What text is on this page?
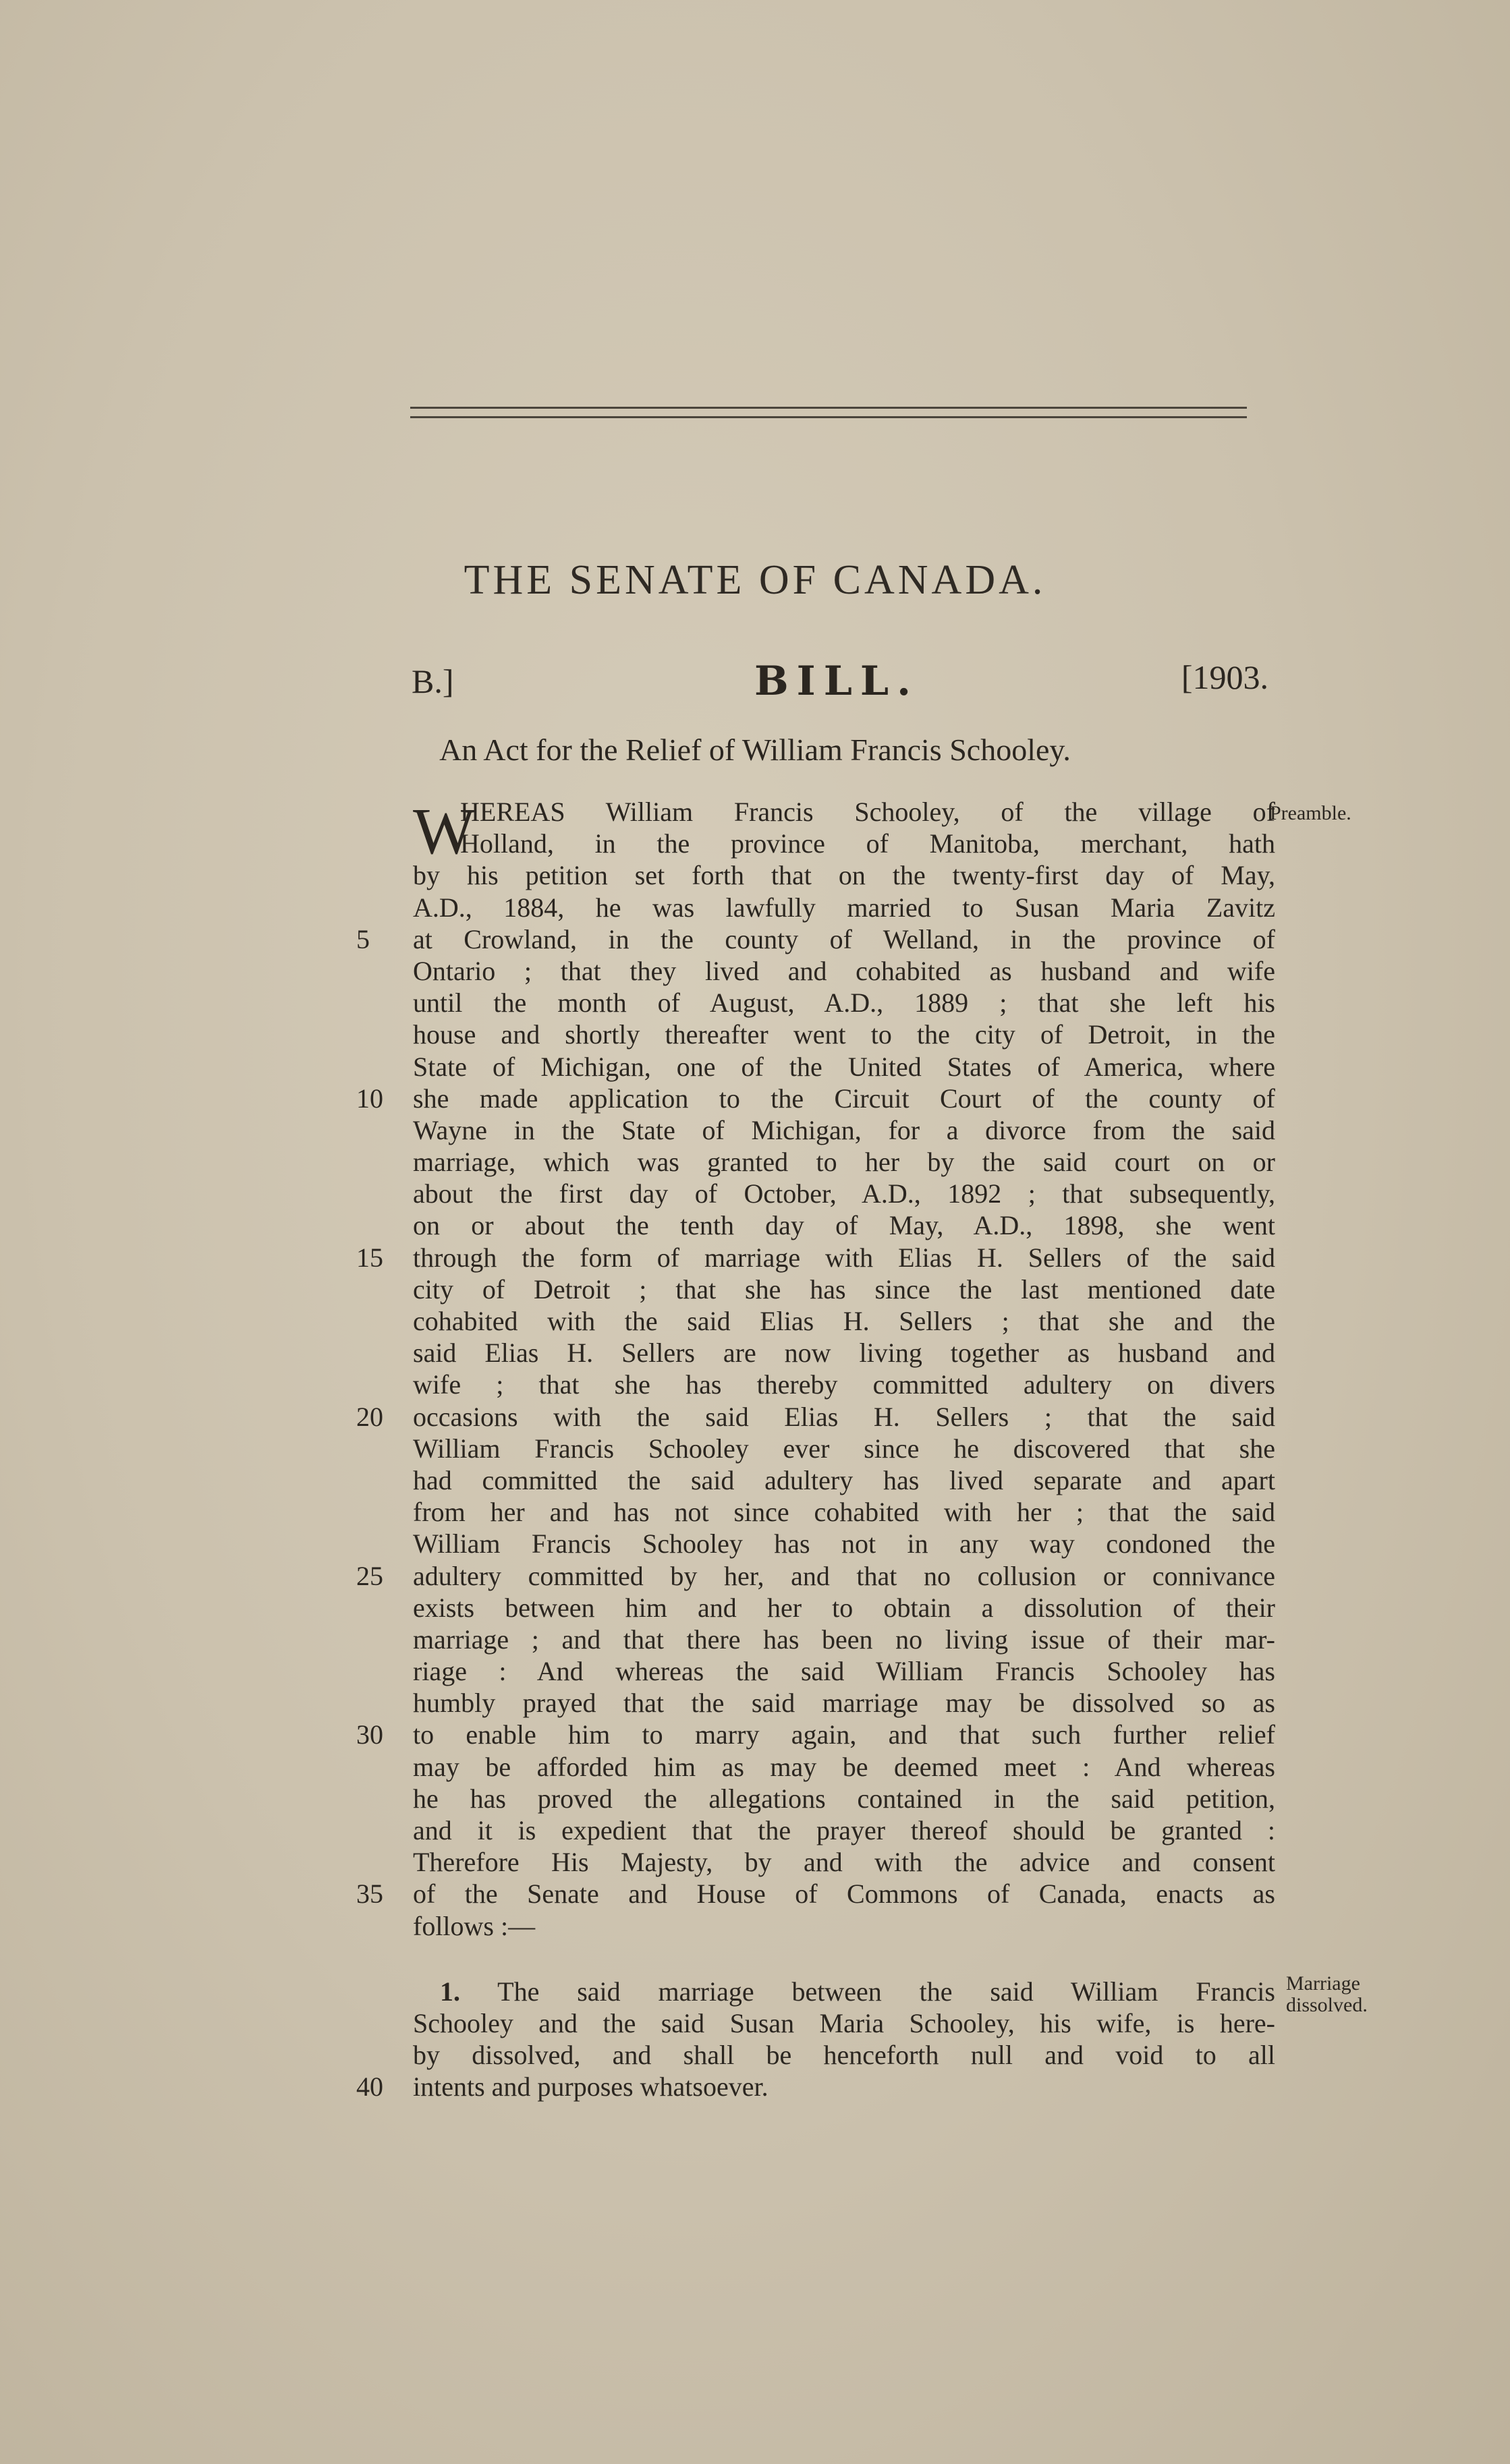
THE SENATE OF CANADA.
B.]	BILL.	[1903.
An Act for the Relief of William Francis Schooley.
Preamble.
W
HEREAS William Francis Schooley, of the village of
Holland, in the province of Manitoba, merchant, hath
by his petition set forth that on the twenty-first day of May,
A.D., 1884, he was lawfully married to Susan Maria Zavitz
at Crowland, in the county of Welland, in the province of
5
Ontario ; that they lived and cohabited as husband and wife
until the month of August, A.D., 1889 ; that she left his
house and shortly thereafter went to the city of Detroit, in the
State of Michigan, one of the United States of America, where
she made application to the Circuit Court of the county of
10
Wayne in the State of Michigan, for a divorce from the said
marriage, which was granted to her by the said court on or
about the first day of October, A.D., 1892 ; that subsequently,
on or about the tenth day of May, A.D., 1898, she went
through the form of marriage with Elias H. Sellers of the said
15
city of Detroit ; that she has since the last mentioned date
cohabited with the said Elias H. Sellers ; that she and the
said Elias H. Sellers are now living together as husband and
wife ; that she has thereby committed adultery on divers
occasions with the said Elias H. Sellers ; that the said
20
William Francis Schooley ever since he discovered that she
had committed the said adultery has lived separate and apart
from her and has not since cohabited with her ; that the said
William Francis Schooley has not in any way condoned the
adultery committed by her, and that no collusion or connivance
25
exists between him and her to obtain a dissolution of their
marriage ; and that there has been no living issue of their mar-
riage : And whereas the said William Francis Schooley has
humbly prayed that the said marriage may be dissolved so as
to enable him to marry again, and that such further relief
30
may be afforded him as may be deemed meet : And whereas
he has proved the allegations contained in the said petition,
and it is expedient that the prayer thereof should be granted :
Therefore His Majesty, by and with the advice and consent
of the Senate and House of Commons of Canada, enacts as
35
follows :—
1. The said marriage between the said William Francis
Schooley and the said Susan Maria Schooley, his wife, is here-
by dissolved, and shall be henceforth null and void to all
intents and purposes whatsoever.
40
Marriage
dissolved.
